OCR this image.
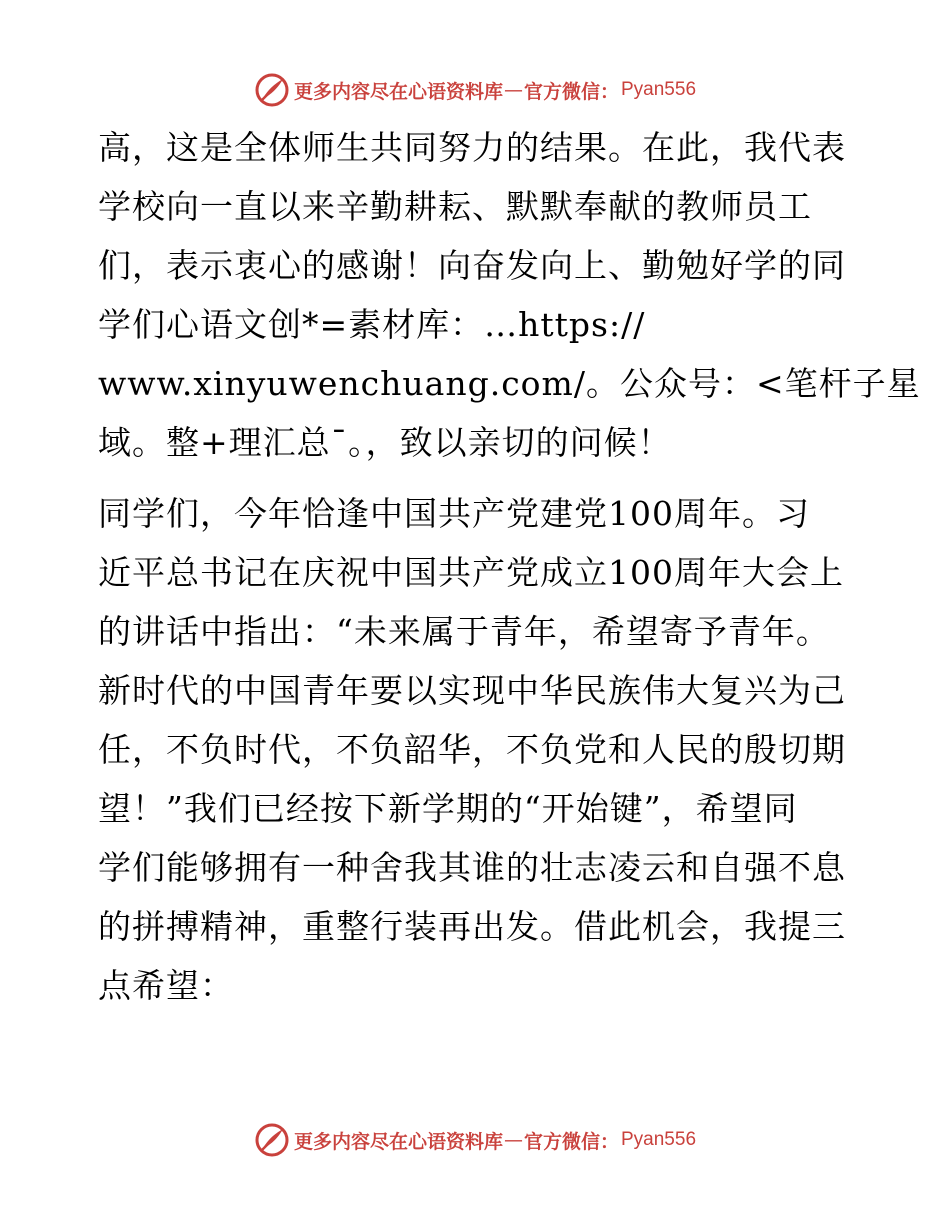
更多内容尽在心语资料库 — 官方微信： Pyan556
高，这是全体师生共同努力的结果。在此，我代表
学校向一直以来辛勤耕耘、默默奉献的教师员工
们，表示衷心的感谢！向奋发向上、勤勉好学的同
学们心语文创*=素材库：…https://
www.xinyuwenchuang.com/。公众号：<笔杆子星
域。整+理汇总¯。，致以亲切的问候！
同学们，今年恰逢中国共产党建党100周年。习
近平总书记在庆祝中国共产党成立100周年大会上
的讲话中指出：“未来属于青年，希望寄予青年。
新时代的中国青年要以实现中华民族伟大复兴为己
任，不负时代，不负韶华，不负党和人民的殷切期
望！”我们已经按下新学期的“开始键”，希望同
学们能够拥有一种舍我其谁的壮志凌云和自强不息
的拼搏精神，重整行装再出发。借此机会，我提三
点希望：
更多内容尽在心语资料库 — 官方微信： Pyan556
